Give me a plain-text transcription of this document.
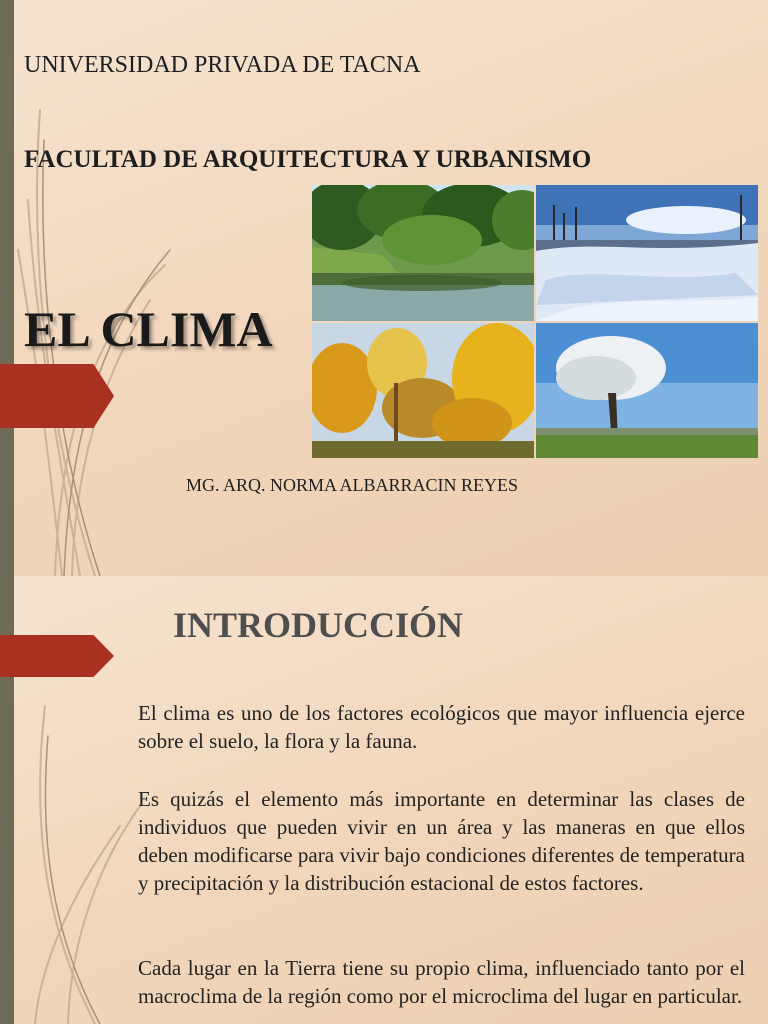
UNIVERSIDAD PRIVADA DE TACNA
FACULTAD DE ARQUITECTURA Y URBANISMO
EL CLIMA
MG. ARQ. NORMA ALBARRACIN REYES
INTRODUCCIÓN
El clima es uno de los factores ecológicos que mayor influencia ejerce sobre el suelo, la flora y la fauna.
Es quizás el elemento más importante en determinar las clases de individuos que pueden vivir en un área y las maneras en que ellos deben modificarse para vivir bajo condiciones diferentes de temperatura y precipitación y la distribución estacional de estos factores.
Cada lugar en la Tierra tiene su propio clima, influenciado tanto por el macroclima de la región como por el microclima del lugar en particular.
